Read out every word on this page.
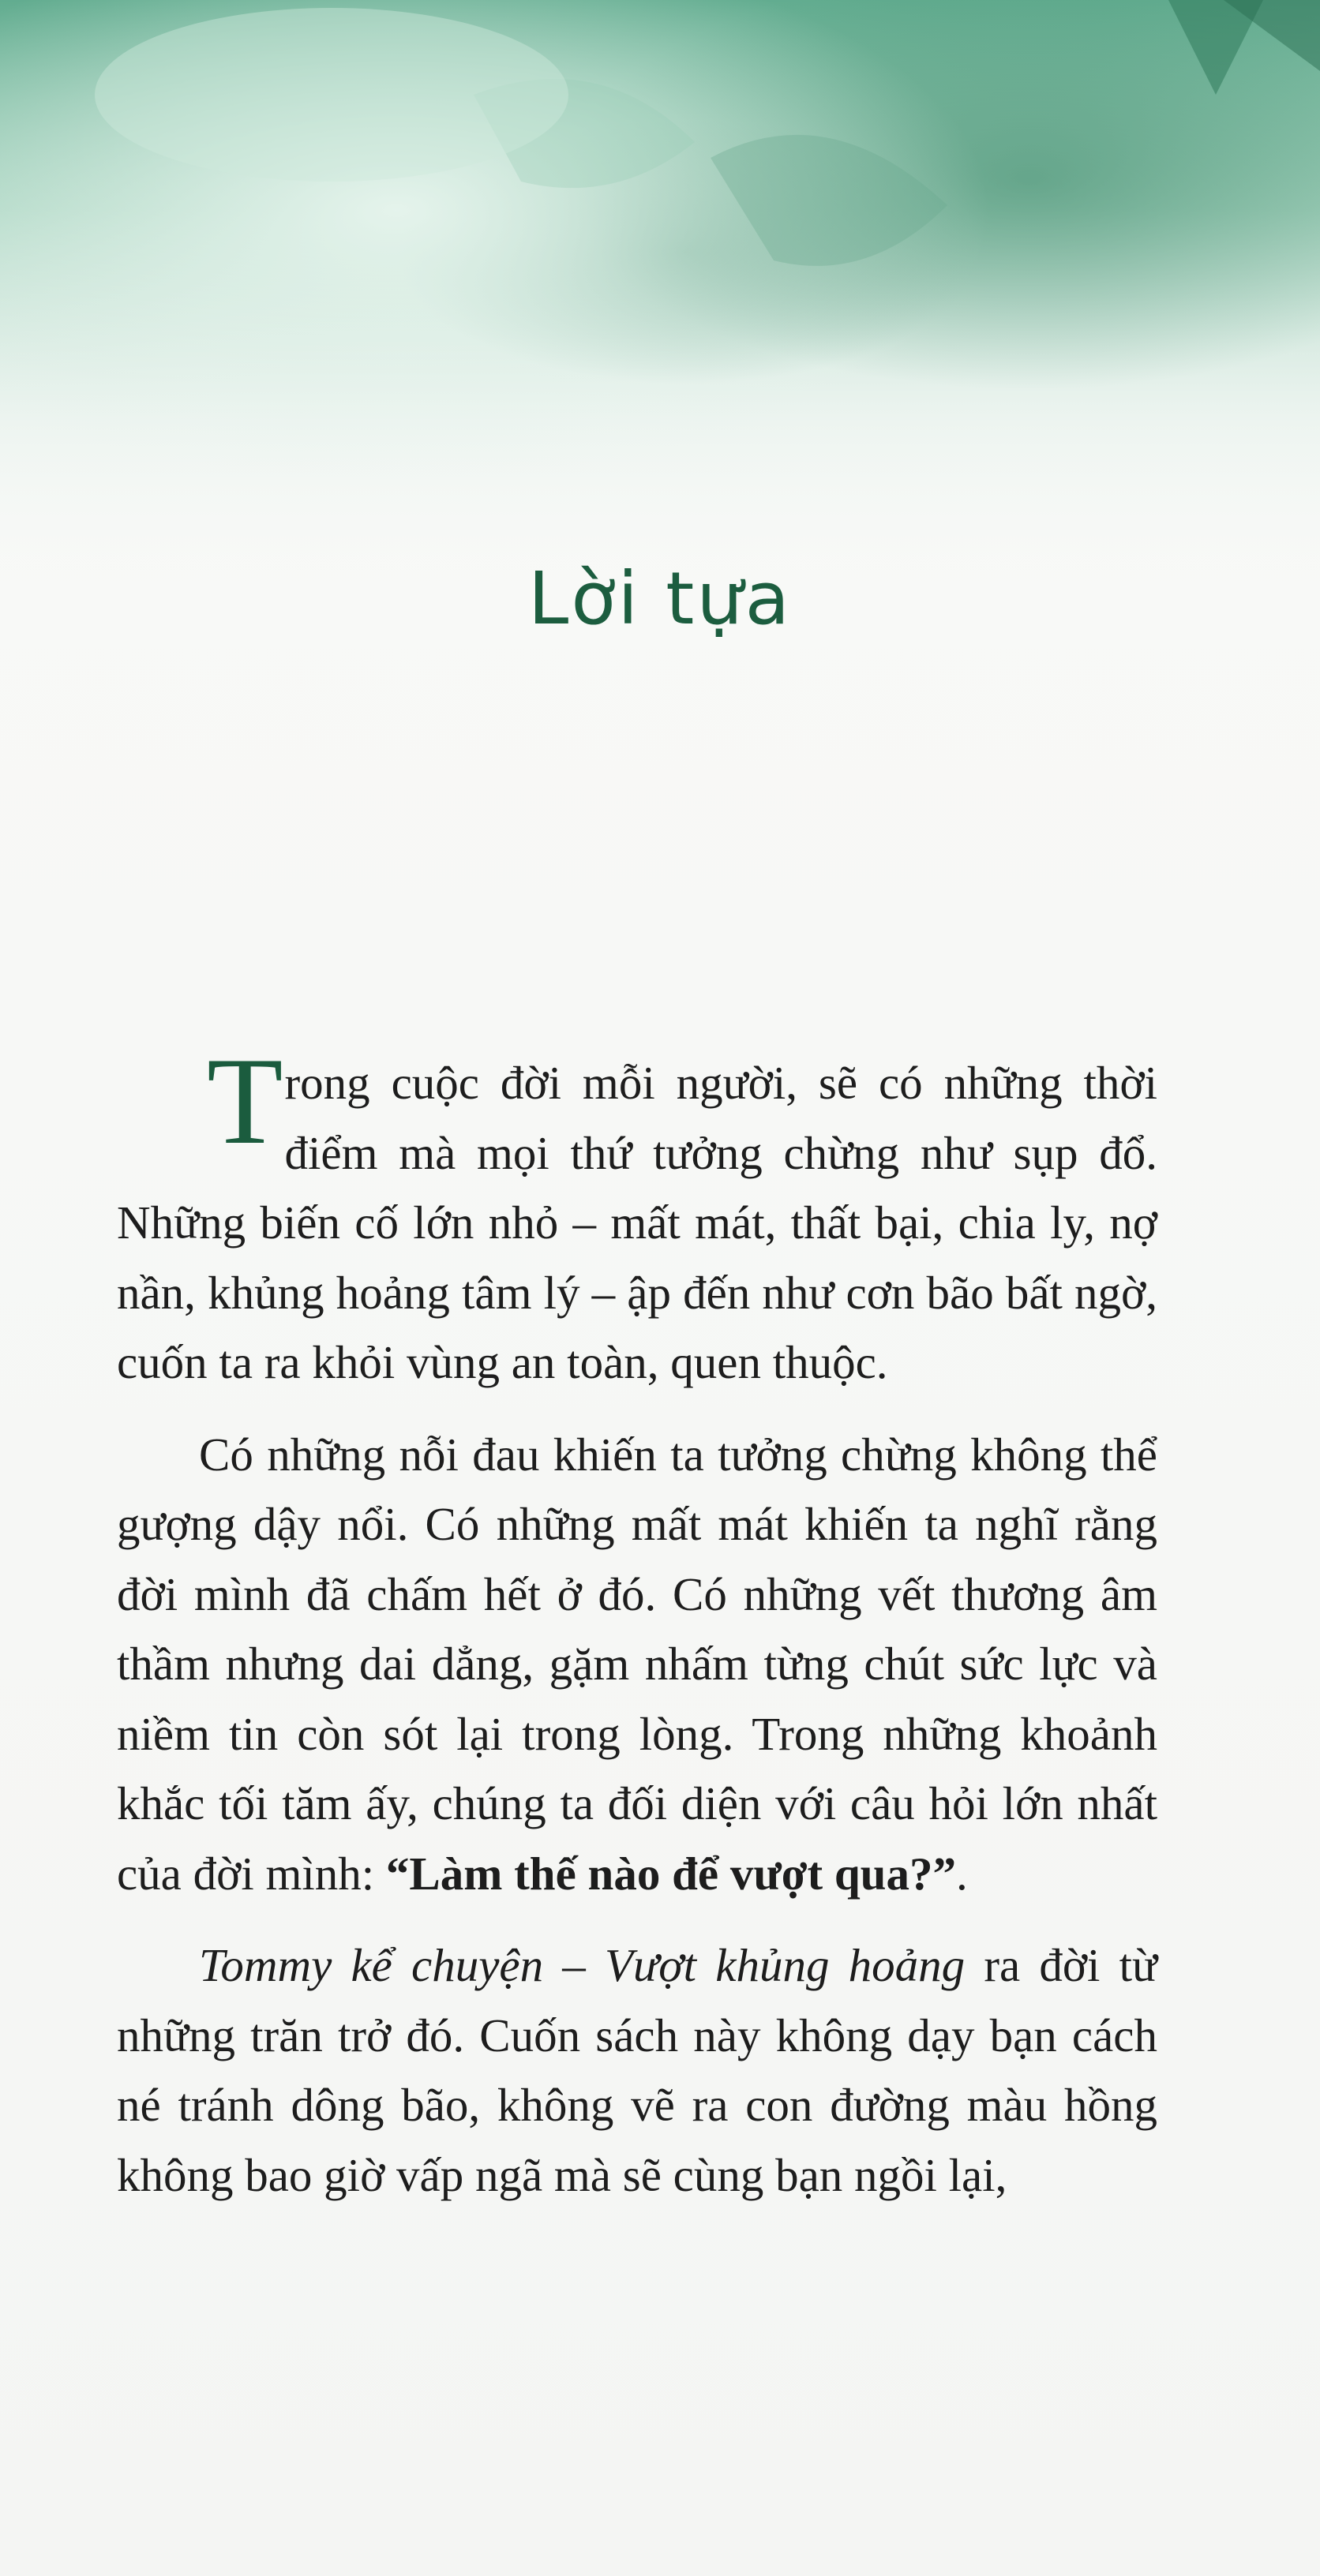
Lời tựa

Trong cuộc đời mỗi người, sẽ có những thời điểm mà mọi thứ tưởng chừng như sụp đổ. Những biến cố lớn nhỏ – mất mát, thất bại, chia ly, nợ nần, khủng hoảng tâm lý – ập đến như cơn bão bất ngờ, cuốn ta ra khỏi vùng an toàn, quen thuộc.

Có những nỗi đau khiến ta tưởng chừng không thể gượng dậy nổi. Có những mất mát khiến ta nghĩ rằng đời mình đã chấm hết ở đó. Có những vết thương âm thầm nhưng dai dẳng, gặm nhấm từng chút sức lực và niềm tin còn sót lại trong lòng. Trong những khoảnh khắc tối tăm ấy, chúng ta đối diện với câu hỏi lớn nhất của đời mình: “Làm thế nào để vượt qua?”.

Tommy kể chuyện – Vượt khủng hoảng ra đời từ những trăn trở đó. Cuốn sách này không dạy bạn cách né tránh dông bão, không vẽ ra con đường màu hồng không bao giờ vấp ngã mà sẽ cùng bạn ngồi lại,
